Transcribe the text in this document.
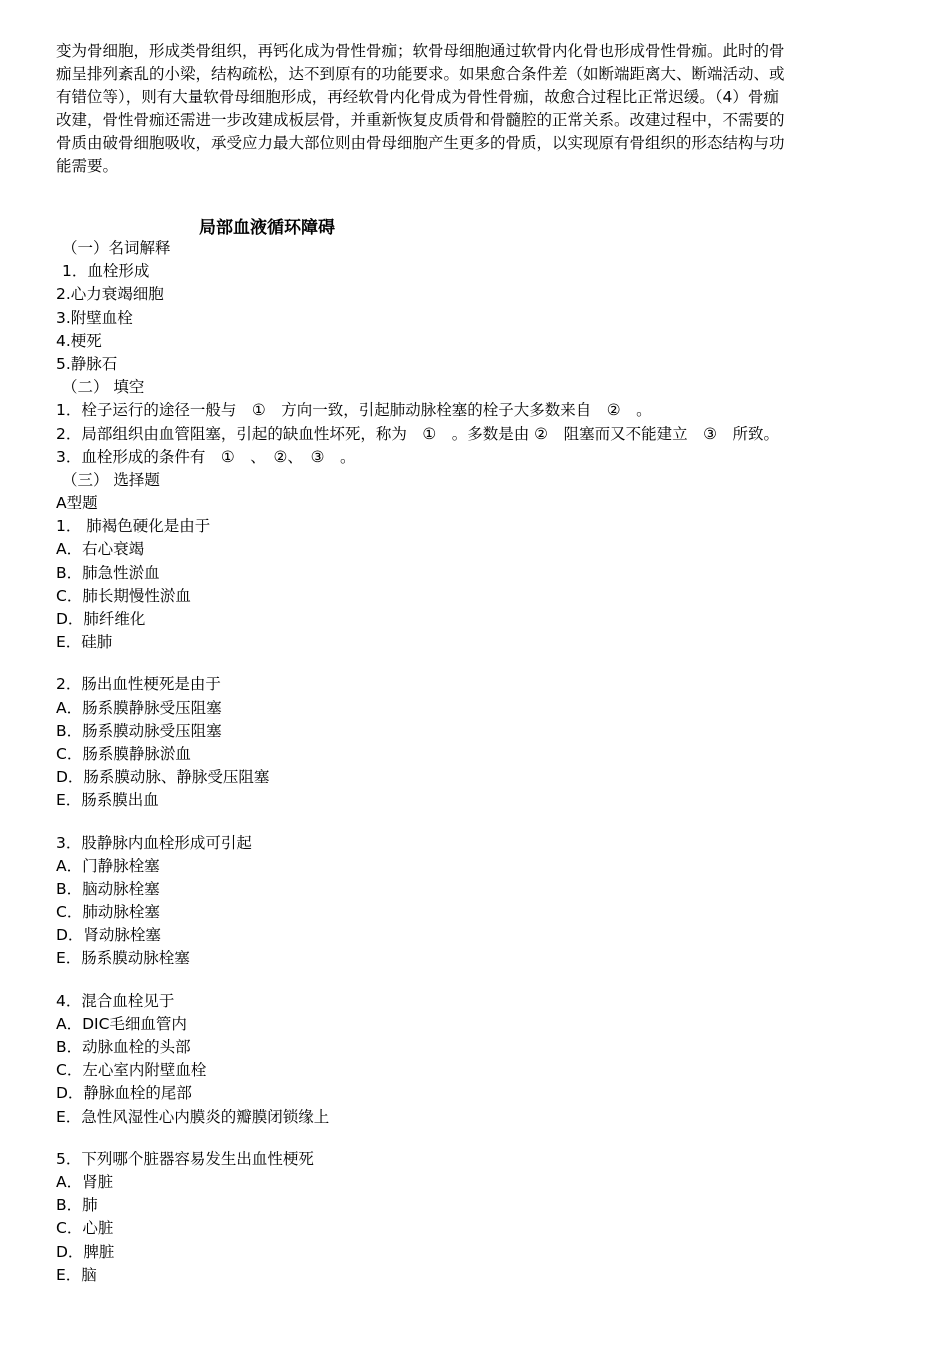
变为骨细胞，形成类骨组织，再钙化成为骨性骨痂；软骨母细胞通过软骨内化骨也形成骨性骨痂。此时的骨
痂呈排列紊乱的小梁，结构疏松，达不到原有的功能要求。如果愈合条件差（如断端距离大、断端活动、或
有错位等），则有大量软骨母细胞形成，再经软骨内化骨成为骨性骨痂，故愈合过程比正常迟缓。（4）骨痂
改建，骨性骨痂还需进一步改建成板层骨，并重新恢复皮质骨和骨髓腔的正常关系。改建过程中，不需要的
骨质由破骨细胞吸收，承受应力最大部位则由骨母细胞产生更多的骨质，以实现原有骨组织的形态结构与功
能需要。
局部血液循环障碍
（一）名词解释
1．血栓形成
2.心力衰竭细胞
3.附壁血栓
4.梗死
5.静脉石
（二） 填空
1．栓子运行的途径一般与　①　方向一致，引起肺动脉栓塞的栓子大多数来自　②　。
2．局部组织由血管阻塞，引起的缺血性坏死，称为　①　。多数是由 ②　阻塞而又不能建立　③　所致。
3．血栓形成的条件有　①　、　②、　③　。
（三） 选择题
A型题
1． 肺褐色硬化是由于
A．右心衰竭
B．肺急性淤血
C．肺长期慢性淤血
D．肺纤维化
E．硅肺
2．肠出血性梗死是由于
A．肠系膜静脉受压阻塞
B．肠系膜动脉受压阻塞
C．肠系膜静脉淤血
D．肠系膜动脉、静脉受压阻塞
E．肠系膜出血
3．股静脉内血栓形成可引起
A．门静脉栓塞
B．脑动脉栓塞
C．肺动脉栓塞
D．肾动脉栓塞
E．肠系膜动脉栓塞
4．混合血栓见于
A．DIC毛细血管内
B．动脉血栓的头部
C．左心室内附壁血栓
D．静脉血栓的尾部
E．急性风湿性心内膜炎的瓣膜闭锁缘上
5．下列哪个脏器容易发生出血性梗死
A．肾脏
B．肺
C．心脏
D．脾脏
E．脑
